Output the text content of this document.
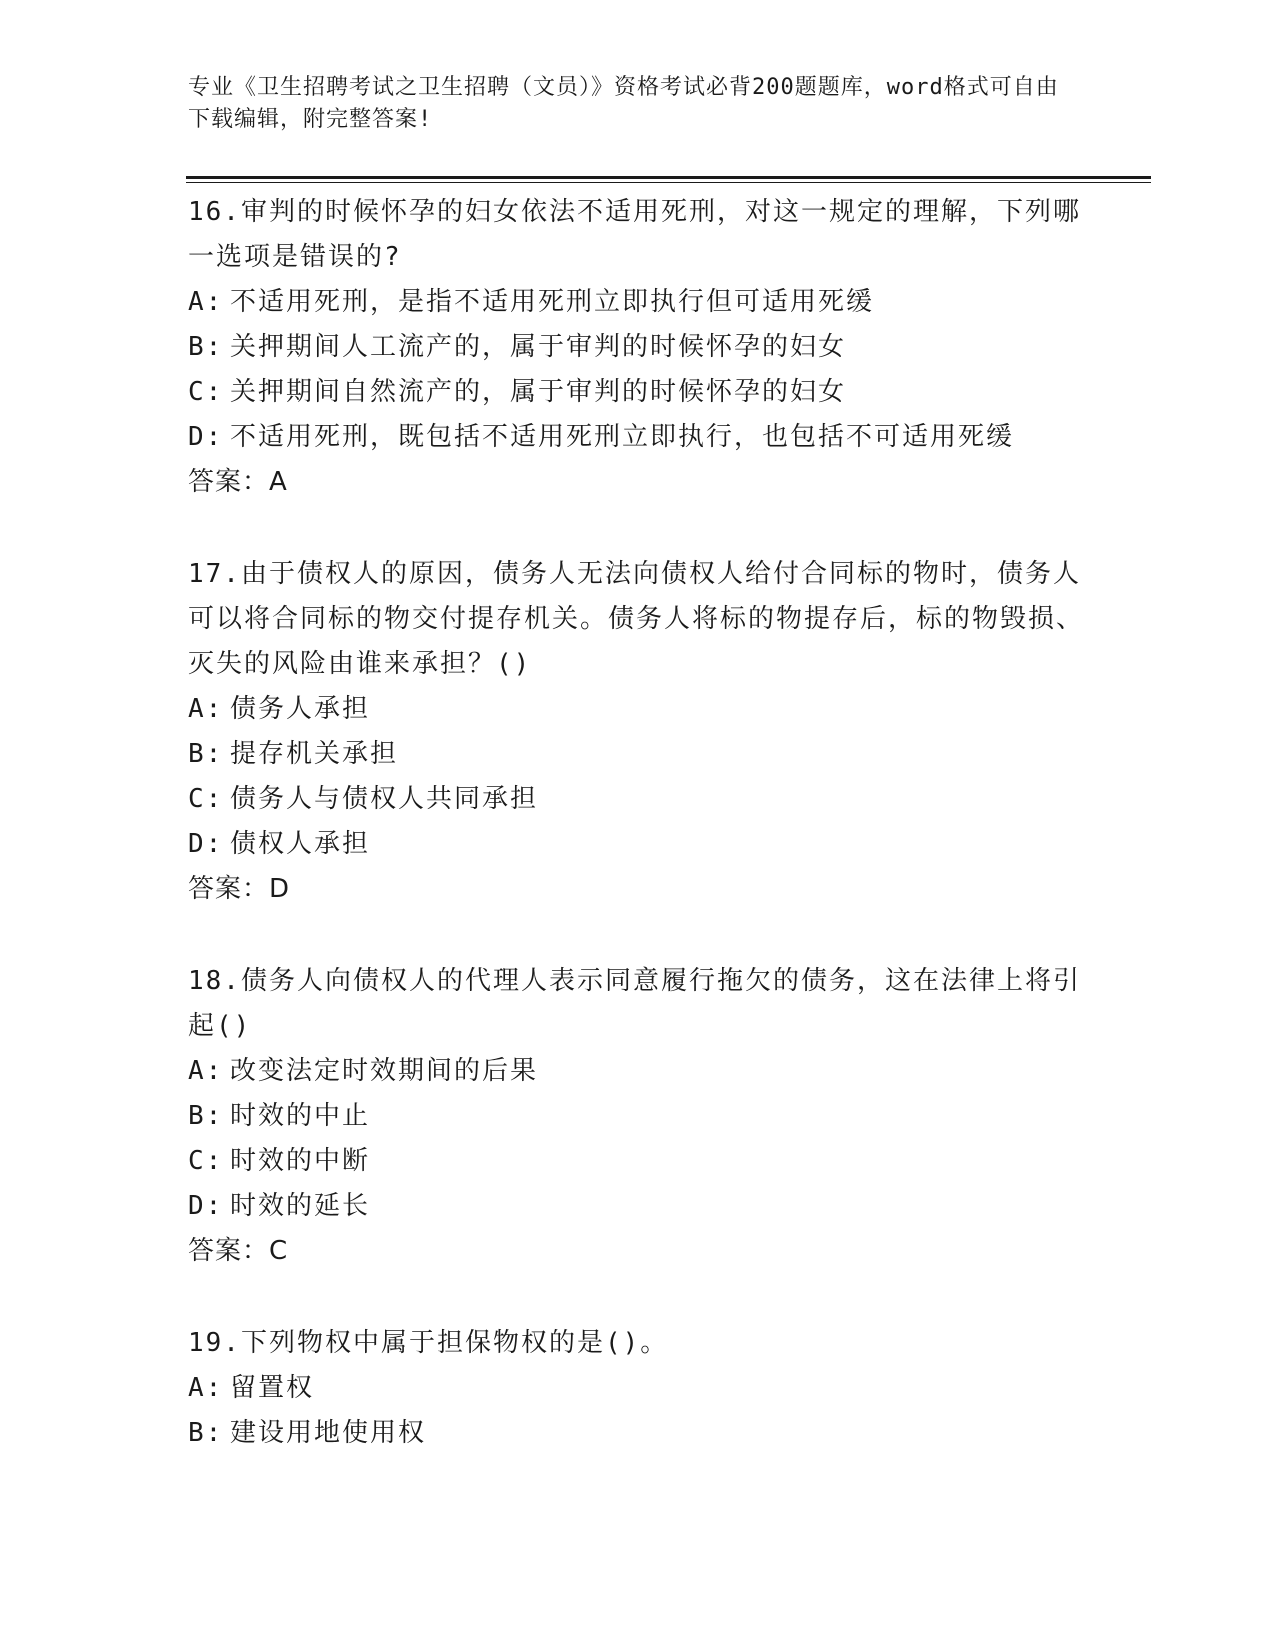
专业《卫生招聘考试之卫生招聘（文员）》资格考试必背200题题库，word格式可自由下载编辑，附完整答案!

16.审判的时候怀孕的妇女依法不适用死刑，对这一规定的理解，下列哪一选项是错误的?

A: 不适用死刑，是指不适用死刑立即执行但可适用死缓

B: 关押期间人工流产的，属于审判的时候怀孕的妇女

C: 关押期间自然流产的，属于审判的时候怀孕的妇女

D: 不适用死刑，既包括不适用死刑立即执行，也包括不可适用死缓

答案：A

17.由于债权人的原因，债务人无法向债权人给付合同标的物时，债务人可以将合同标的物交付提存机关。债务人将标的物提存后，标的物毁损、灭失的风险由谁来承担？()

A: 债务人承担

B: 提存机关承担

C: 债务人与债权人共同承担

D: 债权人承担

答案：D

18.债务人向债权人的代理人表示同意履行拖欠的债务，这在法律上将引起()

A: 改变法定时效期间的后果

B: 时效的中止

C: 时效的中断

D: 时效的延长

答案：C

19.下列物权中属于担保物权的是()。

A: 留置权

B: 建设用地使用权
